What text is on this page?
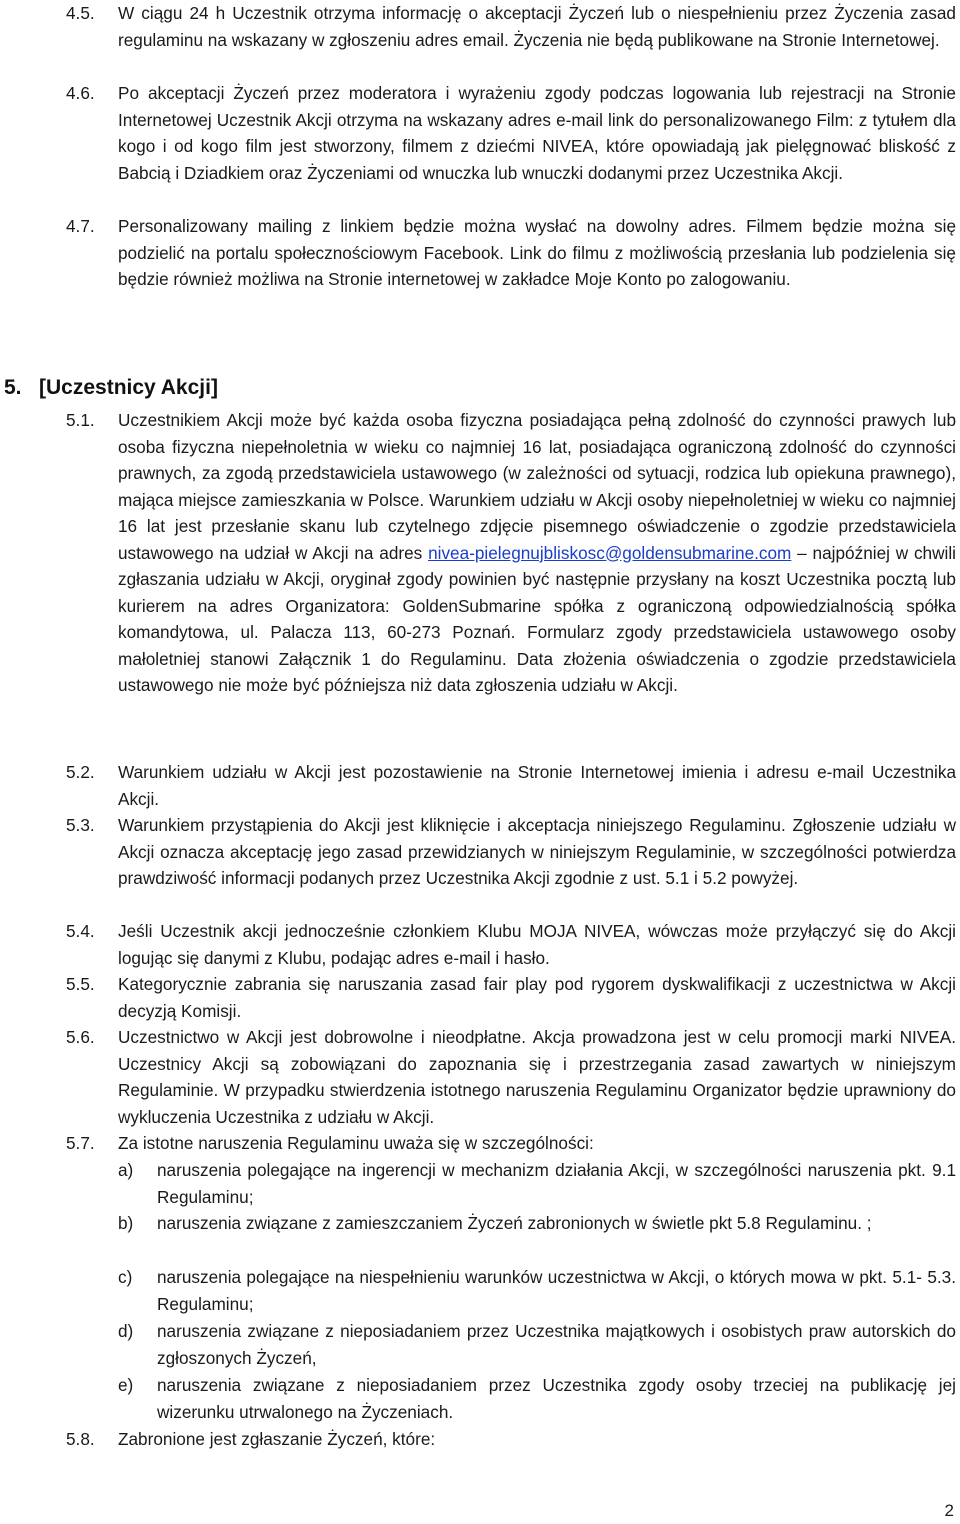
4.5. W ciągu 24 h Uczestnik otrzyma informację o akceptacji Życzeń lub o niespełnieniu przez Życzenia zasad regulaminu na wskazany w zgłoszeniu adres email. Życzenia nie będą publikowane na Stronie Internetowej.
4.6. Po akceptacji Życzeń przez moderatora i wyrażeniu zgody podczas logowania lub rejestracji na Stronie Internetowej Uczestnik Akcji otrzyma na wskazany adres e-mail link do personalizowanego Film: z tytułem dla kogo i od kogo film jest stworzony, filmem z dziećmi NIVEA, które opowiadają jak pielęgnować bliskość z Babcią i Dziadkiem oraz Życzeniami od wnuczka lub wnuczki dodanymi przez Uczestnika Akcji.
4.7. Personalizowany mailing z linkiem będzie można wysłać na dowolny adres. Filmem będzie można się podzielić na portalu społecznościowym Facebook. Link do filmu z możliwością przesłania lub podzielenia się będzie również możliwa na Stronie internetowej w zakładce Moje Konto po zalogowaniu.
5. [Uczestnicy Akcji]
5.1. Uczestnikiem Akcji może być każda osoba fizyczna posiadająca pełną zdolność do czynności prawych lub osoba fizyczna niepełnoletnia w wieku co najmniej 16 lat, posiadająca ograniczoną zdolność do czynności prawnych, za zgodą przedstawiciela ustawowego (w zależności od sytuacji, rodzica lub opiekuna prawnego), mająca miejsce zamieszkania w Polsce. Warunkiem udziału w Akcji osoby niepełnoletniej w wieku co najmniej 16 lat jest przesłanie skanu lub czytelnego zdjęcie pisemnego oświadczenie o zgodzie przedstawiciela ustawowego na udział w Akcji na adres nivea-pielegnujbliskosc@goldensubmarine.com – najpóźniej w chwili zgłaszania udziału w Akcji, oryginał zgody powinien być następnie przysłany na koszt Uczestnika pocztą lub kurierem na adres Organizatora: GoldenSubmarine spółka z ograniczoną odpowiedzialnością spółka komandytowa, ul. Palacza 113, 60-273 Poznań. Formularz zgody przedstawiciela ustawowego osoby małoletniej stanowi Załącznik 1 do Regulaminu. Data złożenia oświadczenia o zgodzie przedstawiciela ustawowego nie może być późniejsza niż data zgłoszenia udziału w Akcji.
5.2. Warunkiem udziału w Akcji jest pozostawienie na Stronie Internetowej imienia i adresu e-mail Uczestnika Akcji.
5.3. Warunkiem przystąpienia do Akcji jest kliknięcie i akceptacja niniejszego Regulaminu. Zgłoszenie udziału w Akcji oznacza akceptację jego zasad przewidzianych w niniejszym Regulaminie, w szczególności potwierdza prawdziwość informacji podanych przez Uczestnika Akcji zgodnie z ust. 5.1 i 5.2 powyżej.
5.4. Jeśli Uczestnik akcji jednocześnie członkiem Klubu MOJA NIVEA, wówczas może przyłączyć się do Akcji logując się danymi z Klubu, podając adres e-mail i hasło.
5.5. Kategorycznie zabrania się naruszania zasad fair play pod rygorem dyskwalifikacji z uczestnictwa w Akcji decyzją Komisji.
5.6. Uczestnictwo w Akcji jest dobrowolne i nieodpłatne. Akcja prowadzona jest w celu promocji marki NIVEA. Uczestnicy Akcji są zobowiązani do zapoznania się i przestrzegania zasad zawartych w niniejszym Regulaminie. W przypadku stwierdzenia istotnego naruszenia Regulaminu Organizator będzie uprawniony do wykluczenia Uczestnika z udziału w Akcji.
5.7. Za istotne naruszenia Regulaminu uważa się w szczególności:
a) naruszenia polegające na ingerencji w mechanizm działania Akcji, w szczególności naruszenia pkt. 9.1 Regulaminu;
b) naruszenia związane z zamieszczaniem Życzeń zabronionych w świetle pkt 5.8 Regulaminu. ;
c) naruszenia polegające na niespełnieniu warunków uczestnictwa w Akcji, o których mowa w pkt. 5.1- 5.3. Regulaminu;
d) naruszenia związane z nieposiadaniem przez Uczestnika majątkowych i osobistych praw autorskich do zgłoszonych Życzeń,
e) naruszenia związane z nieposiadaniem przez Uczestnika zgody osoby trzeciej na publikację jej wizerunku utrwalonego na Życzeniach.
5.8. Zabronione jest zgłaszanie Życzeń, które:
2
